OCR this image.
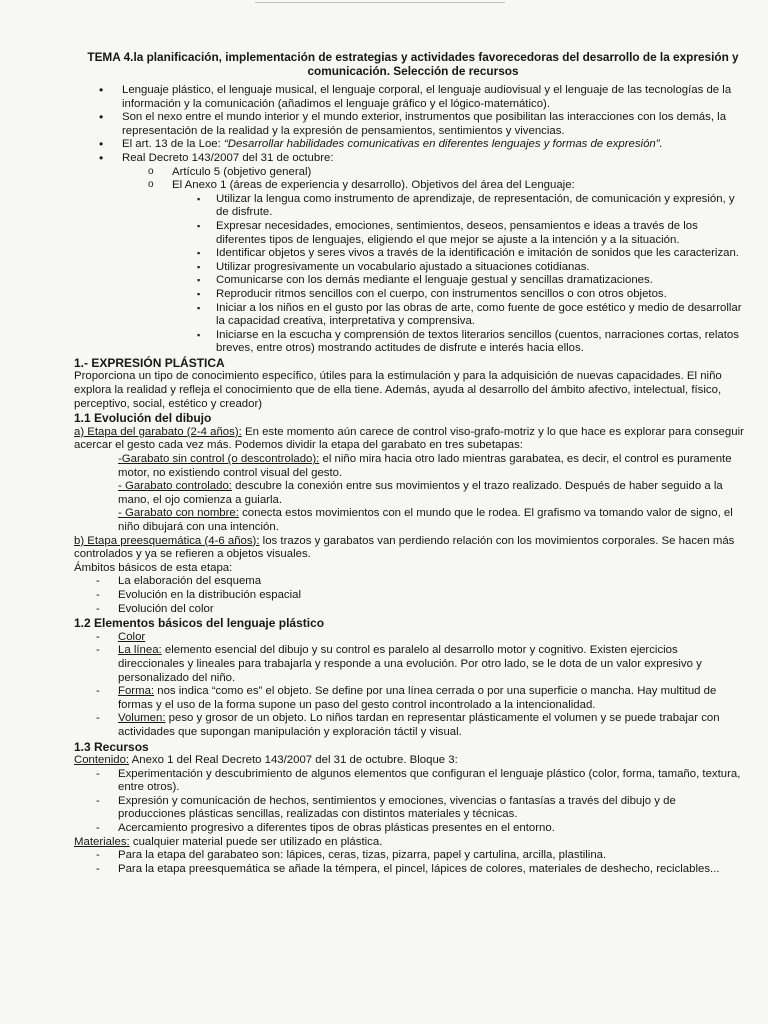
TEMA 4.la planificación, implementación de estrategias y actividades favorecedoras del desarrollo de la expresión y comunicación. Selección de recursos
• Lenguaje plástico, el lenguaje musical, el lenguaje corporal, el lenguaje audiovisual y el lenguaje de las tecnologías de la información y la comunicación (añadimos el lenguaje gráfico y el lógico-matemático).
• Son el nexo entre el mundo interior y el mundo exterior, instrumentos que posibilitan las interacciones con los demás, la representación de la realidad y la expresión de pensamientos, sentimientos y vivencias.
• El art. 13 de la Loe: “Desarrollar habilidades comunicativas en diferentes lenguajes y formas de expresión”.
• Real Decreto 143/2007 del 31 de octubre:
o Artículo 5 (objetivo general)
o El Anexo 1 (áreas de experiencia y desarrollo). Objetivos del área del Lenguaje:
▪ Utilizar la lengua como instrumento de aprendizaje, de representación, de comunicación y expresión, y de disfrute.
▪ Expresar necesidades, emociones, sentimientos, deseos, pensamientos e ideas a través de los diferentes tipos de lenguajes, eligiendo el que mejor se ajuste a la intención y a la situación.
▪ Identificar objetos y seres vivos a través de la identificación e imitación de sonidos que les caracterizan.
▪ Utilizar progresivamente un vocabulario ajustado a situaciones cotidianas.
▪ Comunicarse con los demás mediante el lenguaje gestual y sencillas dramatizaciones.
▪ Reproducir ritmos sencillos con el cuerpo, con instrumentos sencillos o con otros objetos.
▪ Iniciar a los niños en el gusto por las obras de arte, como fuente de goce estético y medio de desarrollar la capacidad creativa, interpretativa y comprensiva.
▪ Iniciarse en la escucha y comprensión de textos literarios sencillos (cuentos, narraciones cortas, relatos breves, entre otros) mostrando actitudes de disfrute e interés hacia ellos.
1.- EXPRESIÓN PLÁSTICA

Proporciona un tipo de conocimiento específico, útiles para la estimulación y para la adquisición de nuevas capacidades. El niño explora la realidad y refleja el conocimiento que de ella tiene. Además, ayuda al desarrollo del ámbito afectivo, intelectual, físico, perceptivo, social, estético y creador)

1.1 Evolución del dibujo

a) Etapa del garabato (2-4 años): En este momento aún carece de control viso-grafo-motriz y lo que hace es explorar para conseguir acercar el gesto cada vez más. Podemos dividir la etapa del garabato en tres subetapas:

-Garabato sin control (o descontrolado): el niño mira hacia otro lado mientras garabatea, es decir, el control es puramente motor, no existiendo control visual del gesto.

- Garabato controlado: descubre la conexión entre sus movimientos y el trazo realizado. Después de haber seguido a la mano, el ojo comienza a guiarla.

- Garabato con nombre: conecta estos movimientos con el mundo que le rodea. El grafismo va tomando valor de signo, el niño dibujará con una intención.

b) Etapa preesquemática (4-6 años): los trazos y garabatos van perdiendo relación con los movimientos corporales. Se hacen más controlados y ya se refieren a objetos visuales.

Ámbitos básicos de esta etapa:

- La elaboración del esquema
- Evolución en la distribución espacial
- Evolución del color
1.2 Elementos básicos del lenguaje plástico
- Color
- La línea: elemento esencial del dibujo y su control es paralelo al desarrollo motor y cognitivo. Existen ejercicios direccionales y lineales para trabajarla y responde a una evolución. Por otro lado, se le dota de un valor expresivo y personalizado del niño.
- Forma: nos indica “como es” el objeto. Se define por una línea cerrada o por una superficie o mancha. Hay multitud de formas y el uso de la forma supone un paso del gesto control incontrolado a la intencionalidad.
- Volumen: peso y grosor de un objeto. Lo niños tardan en representar plásticamente el volumen y se puede trabajar con actividades que supongan manipulación y exploración táctil y visual.
1.3 Recursos

Contenido: Anexo 1 del Real Decreto 143/2007 del 31 de octubre. Bloque 3:

- Experimentación y descubrimiento de algunos elementos que configuran el lenguaje plástico (color, forma, tamaño, textura, entre otros).
- Expresión y comunicación de hechos, sentimientos y emociones, vivencias o fantasías a través del dibujo y de producciones plásticas sencillas, realizadas con distintos materiales y técnicas.
- Acercamiento progresivo a diferentes tipos de obras plásticas presentes en el entorno.

Materiales: cualquier material puede ser utilizado en plástica.

- Para la etapa del garabateo son: lápices, ceras, tizas, pizarra, papel y cartulina, arcilla, plastilina.
- Para la etapa preesquemática se añade la témpera, el pincel, lápices de colores, materiales de deshecho, reciclables...
